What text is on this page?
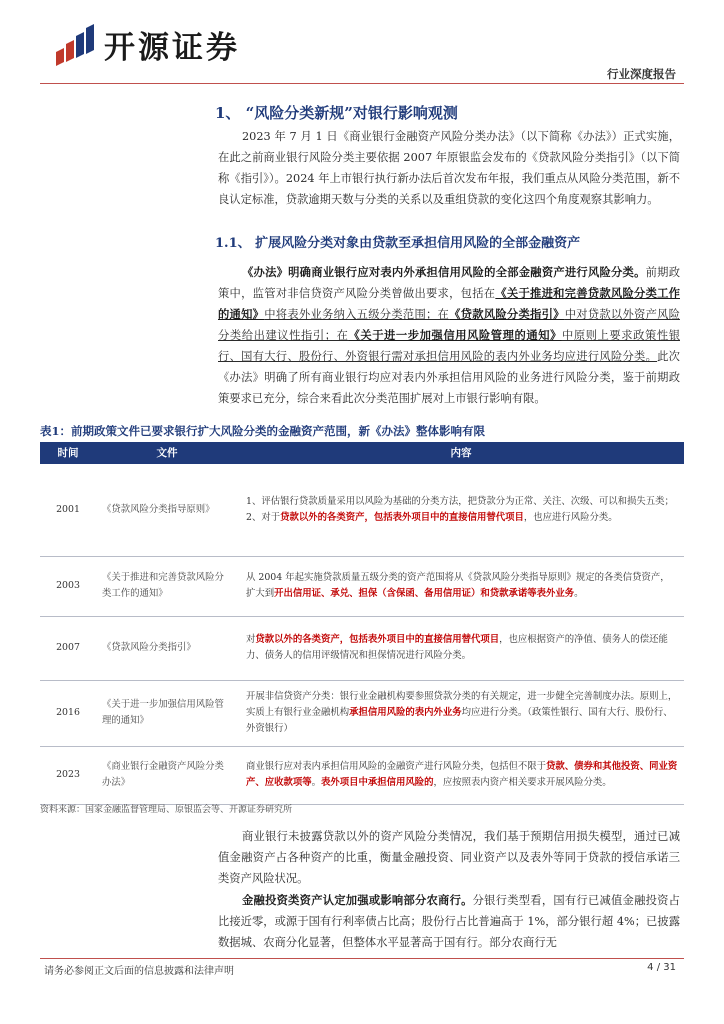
开源证券
行业深度报告
1、 “风险分类新规”对银行影响观测
2023 年 7 月 1 日《商业银行金融资产风险分类办法》（以下简称《办法》）正式实施，在此之前商业银行风险分类主要依据 2007 年原银监会发布的《贷款风险分类指引》（以下简称《指引》）。2024 年上市银行执行新办法后首次发布年报，我们重点从风险分类范围，新不良认定标准，贷款逾期天数与分类的关系以及重组贷款的变化这四个角度观察其影响力。
1.1、 扩展风险分类对象由贷款至承担信用风险的全部金融资产
《办法》明确商业银行应对表内外承担信用风险的全部金融资产进行风险分类。前期政策中，监管对非信贷资产风险分类曾做出要求，包括在《关于推进和完善贷款风险分类工作的通知》中将表外业务纳入五级分类范围；在《贷款风险分类指引》中对贷款以外资产风险分类给出建议性指引；在《关于进一步加强信用风险管理的通知》中原则上要求政策性银行、国有大行、股份行、外资银行需对承担信用风险的表内外业务均应进行风险分类。此次《办法》明确了所有商业银行均应对表内外承担信用风险的业务进行风险分类，鉴于前期政策要求已充分，综合来看此次分类范围扩展对上市银行影响有限。
表1：前期政策文件已要求银行扩大风险分类的金融资产范围，新《办法》整体影响有限
时间	文件	内容
2001	《贷款风险分类指导原则》	1、评估银行贷款质量采用以风险为基础的分类方法，把贷款分为正常、关注、次级、可以和损失五类；
2、对于贷款以外的各类资产，包括表外项目中的直接信用替代项目，也应进行风险分类。
2003	《关于推进和完善贷款风险分类工作的通知》	从 2004 年起实施贷款质量五级分类的资产范围将从《贷款风险分类指导原则》规定的各类信贷资产，扩大到开出信用证、承兑、担保（含保函、备用信用证）和贷款承诺等表外业务。
2007	《贷款风险分类指引》	对贷款以外的各类资产，包括表外项目中的直接信用替代项目，也应根据资产的净值、债务人的偿还能力、债务人的信用评级情况和担保情况进行风险分类。
2016	《关于进一步加强信用风险管理的通知》	开展非信贷资产分类：银行业金融机构要参照贷款分类的有关规定，进一步健全完善制度办法。原则上，实质上有银行业金融机构承担信用风险的表内外业务均应进行分类。（政策性银行、国有大行、股份行、外资银行）
2023	《商业银行金融资产风险分类办法》	商业银行应对表内承担信用风险的金融资产进行风险分类，包括但不限于贷款、债券和其他投资、同业资产、应收款项等。表外项目中承担信用风险的，应按照表内资产相关要求开展风险分类。
资料来源：国家金融监督管理局、原银监会等、开源证券研究所
商业银行未披露贷款以外的资产风险分类情况，我们基于预期信用损失模型，通过已减值金融资产占各种资产的比重，衡量金融投资、同业资产以及表外等同于贷款的授信承诺三类资产风险状况。
金融投资类资产认定加强或影响部分农商行。分银行类型看，国有行已减值金融投资占比接近零，或源于国有行利率债占比高；股份行占比普遍高于 1%，部分银行超 4%；已披露数据城、农商分化显著，但整体水平显著高于国有行。部分农商行无
请务必参阅正文后面的信息披露和法律声明	4 / 31
